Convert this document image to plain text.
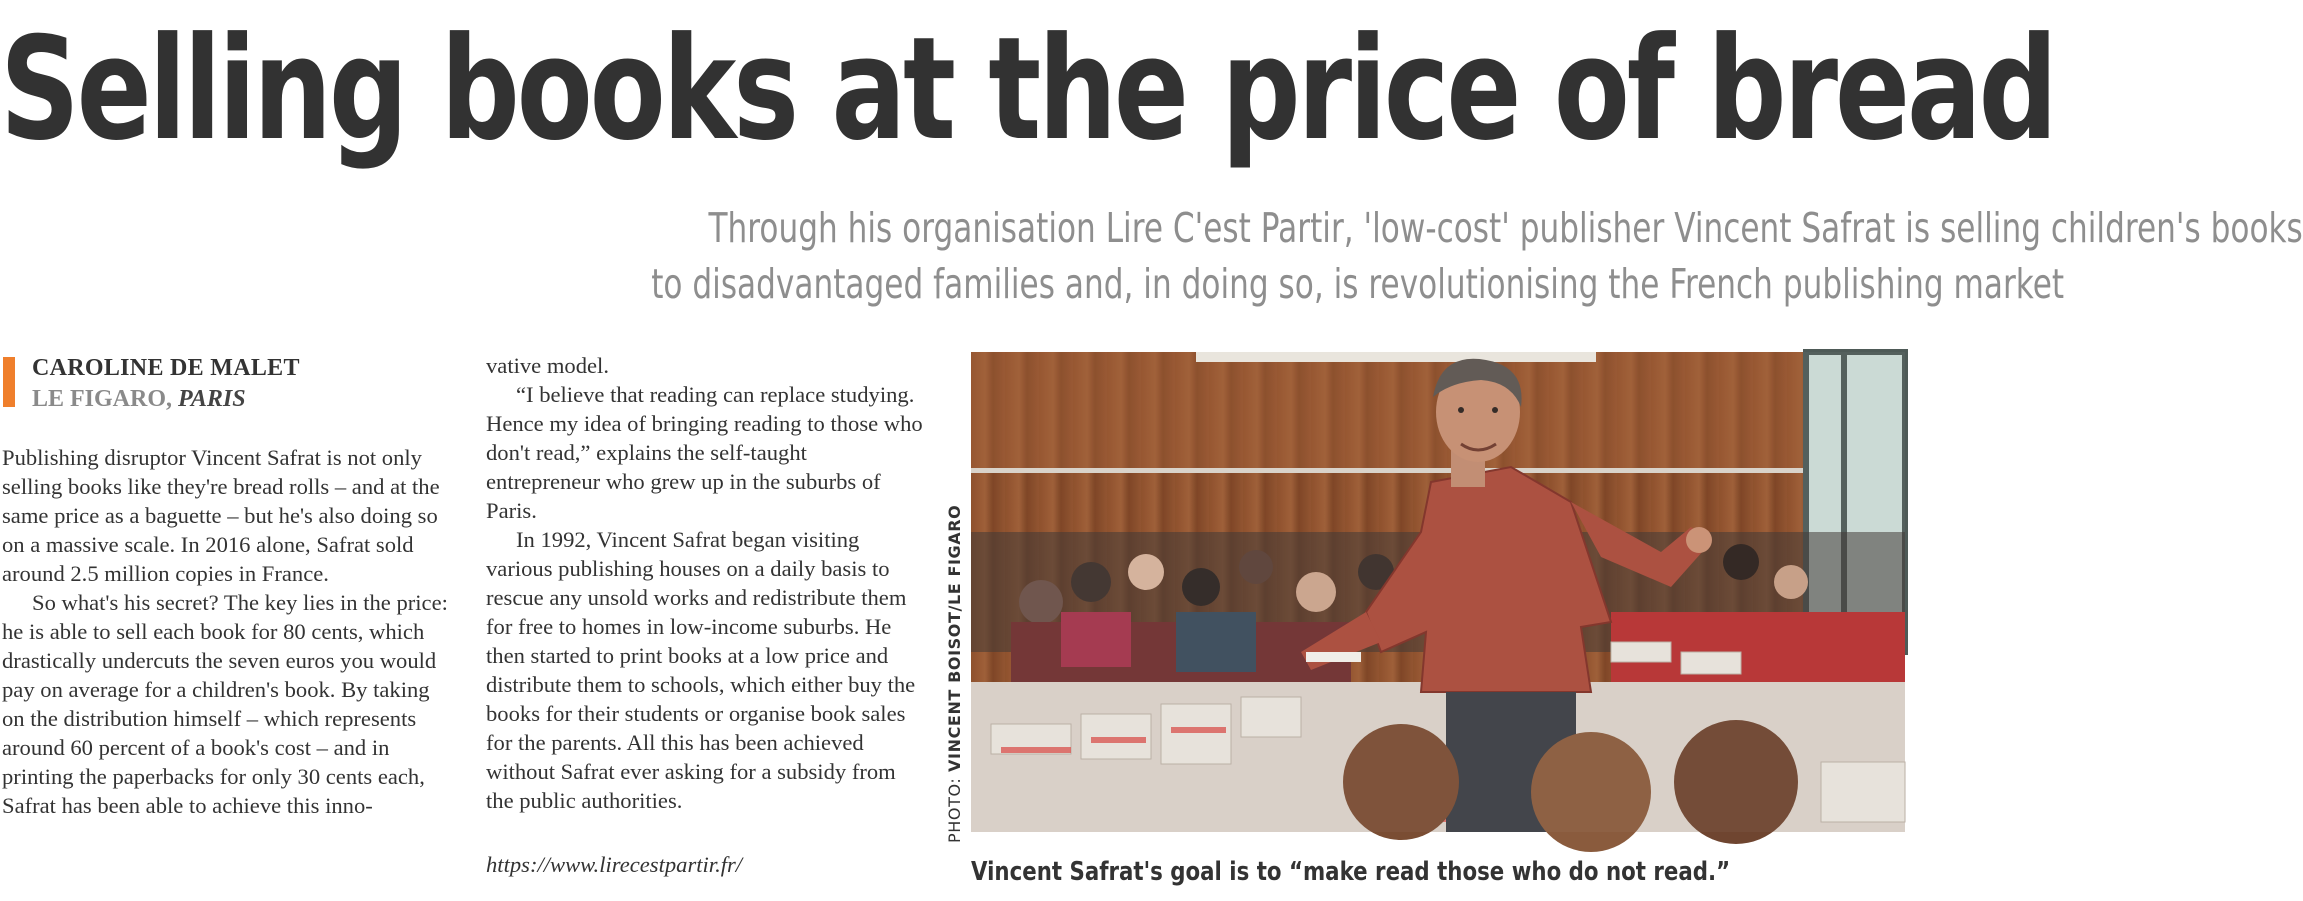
Selling books at the price of bread
Through his organisation Lire C'est Partir, 'low-cost' publisher Vincent Safrat is selling children's books
to disadvantaged families and, in doing so, is revolutionising the French publishing market

CAROLINE DE MALET

LE FIGARO, PARIS

Publishing disruptor Vincent Safrat is not only selling books like they're bread rolls – and at the same price as a baguette – but he's also doing so on a massive scale. In 2016 alone, Safrat sold around 2.5 million copies in France.

So what's his secret? The key lies in the price: he is able to sell each book for 80 cents, which drastically undercuts the seven euros you would pay on average for a children's book. By taking on the distribution himself – which represents around 60 percent of a book's cost – and in printing the paperbacks for only 30 cents each, Safrat has been able to achieve this inno-

vative model.

“I believe that reading can replace studying. Hence my idea of bringing reading to those who don't read,” explains the self-taught entrepreneur who grew up in the suburbs of Paris.

In 1992, Vincent Safrat began visiting various publishing houses on a daily basis to rescue any unsold works and redistribute them for free to homes in low-income suburbs. He then started to print books at a low price and distribute them to schools, which either buy the books for their students or organise book sales for the parents. All this has been achieved without Safrat ever asking for a subsidy from the public authorities.

https://www.lirecestpartir.fr/

PHOTO: VINCENT BOISOT/LE FIGARO

Vincent Safrat's goal is to “make read those who do not read.”
